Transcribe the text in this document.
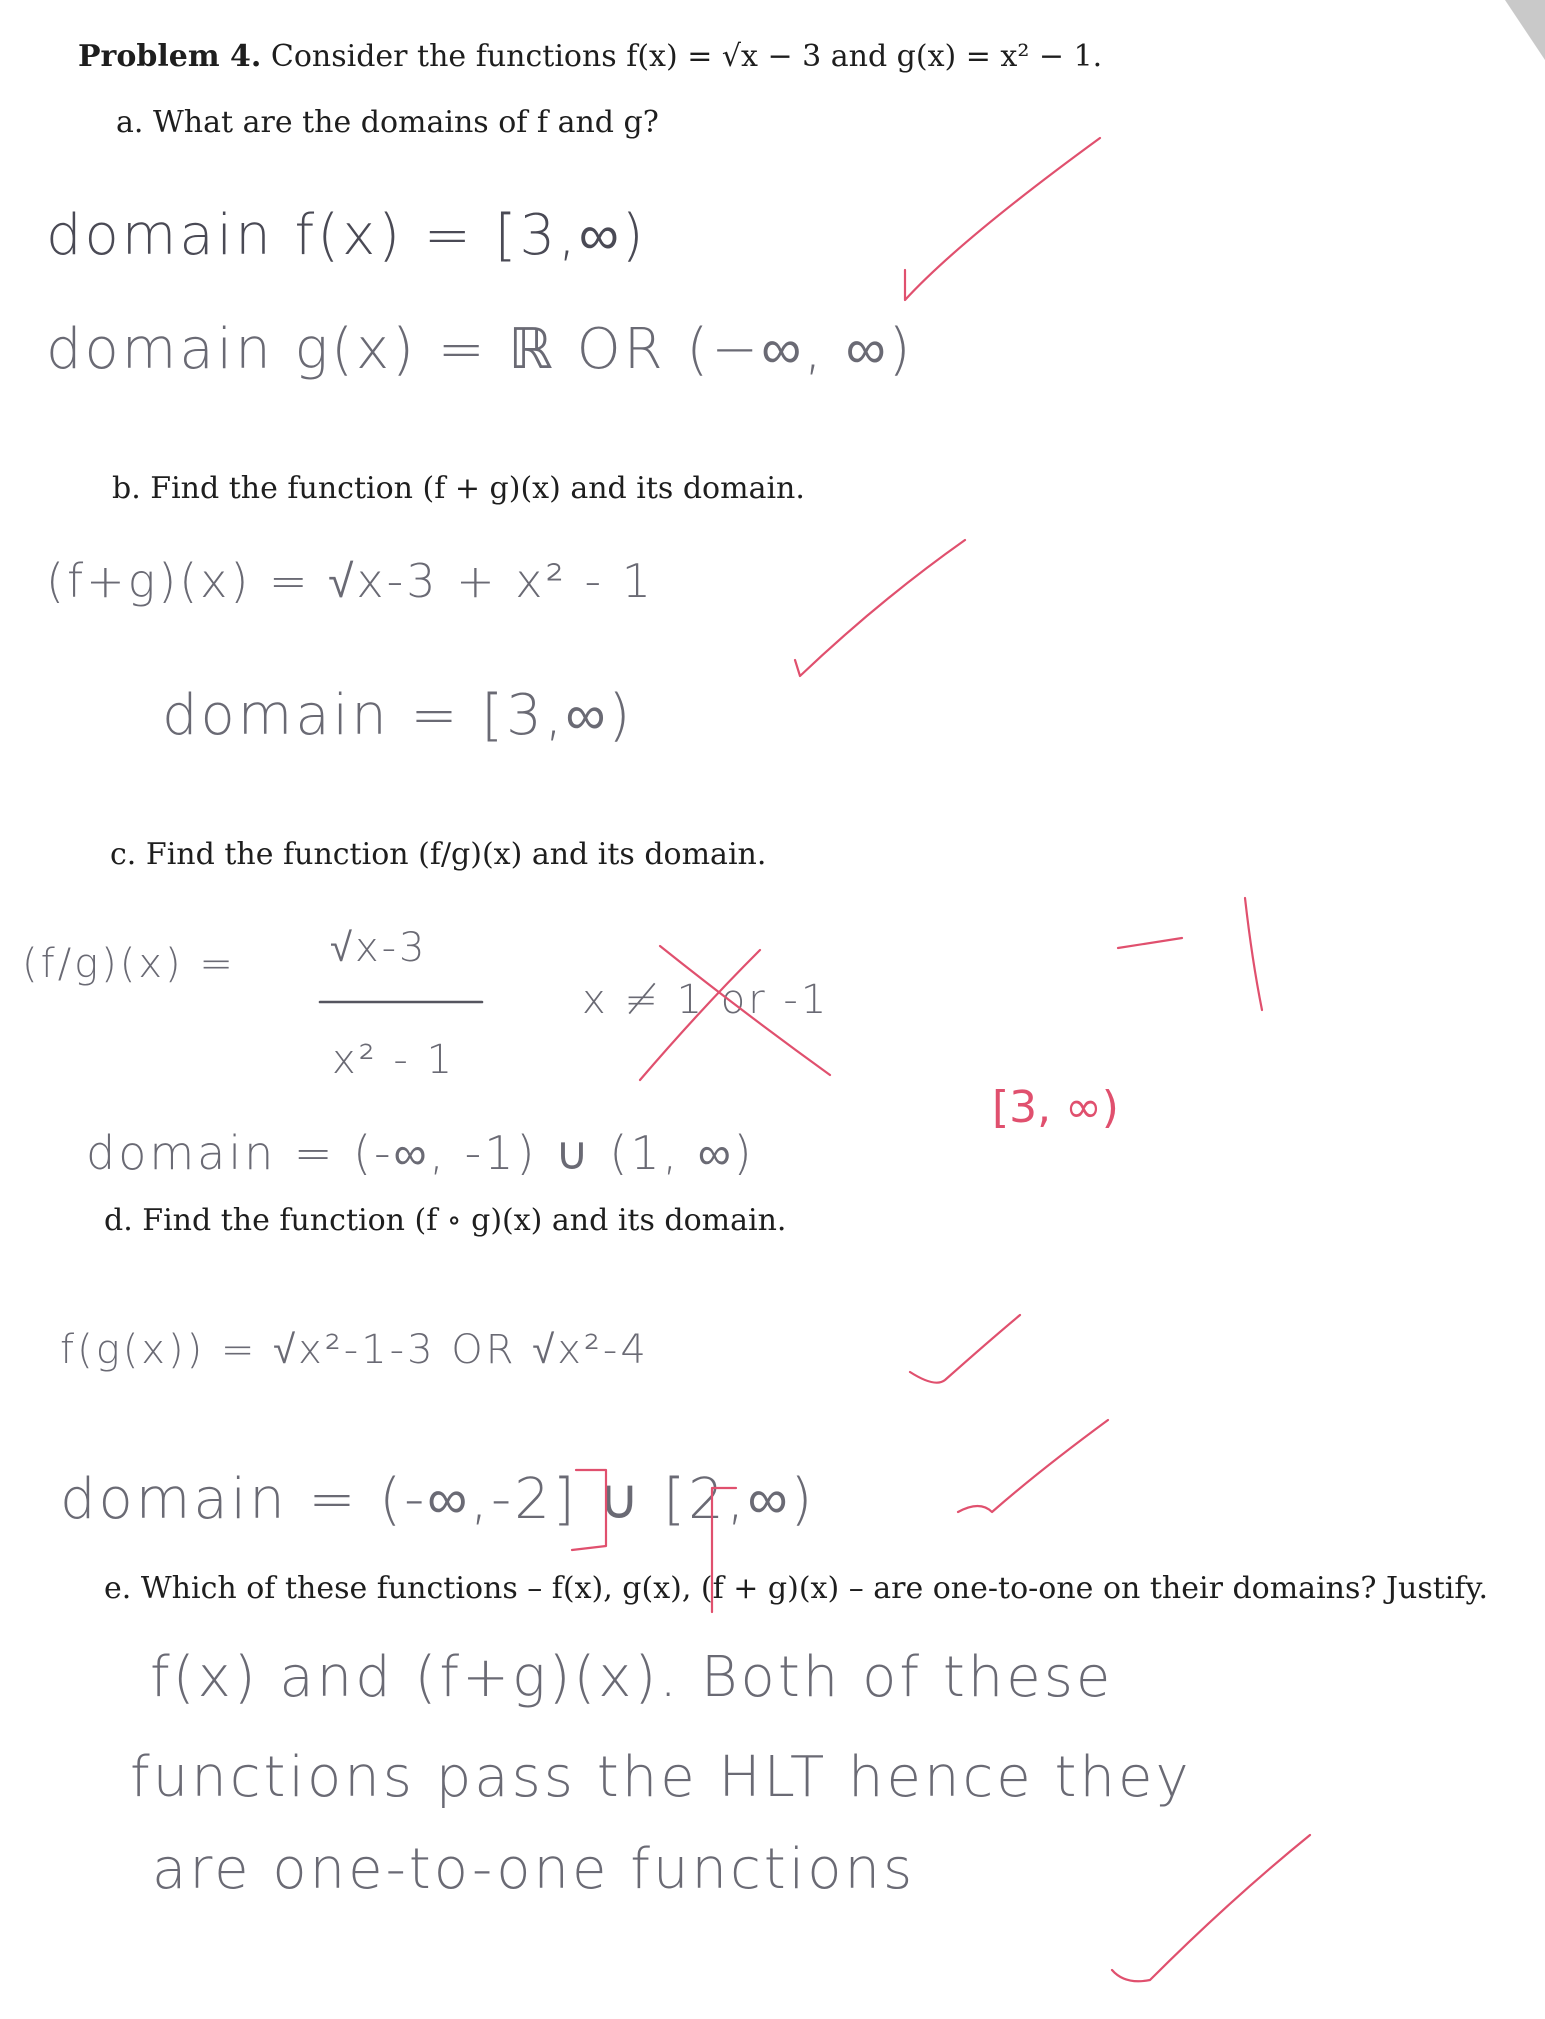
Problem 4. Consider the functions f(x) = √x − 3 and g(x) = x² − 1.
a. What are the domains of f and g?
domain f(x) = [3,∞)
domain g(x) = ℝ OR (−∞, ∞)
b. Find the function (f + g)(x) and its domain.
(f+g)(x) = √x-3 + x² - 1
domain = [3,∞)
c. Find the function (f/g)(x) and its domain.
(f/g)(x) = √x-3
x² - 1
x ≠ 1 or -1
domain = (-∞, -1) ∪ (1, ∞)
d. Find the function (f ∘ g)(x) and its domain.
f(g(x)) = √x²-1-3 OR √x²-4
domain = (-∞,-2] ∪ [2,∞)
e. Which of these functions – f(x), g(x), (f + g)(x) – are one-to-one on their domains? Justify.
f(x) and (f+g)(x). Both of these
functions pass the HLT hence they
are one-to-one functions
[3, ∞)
